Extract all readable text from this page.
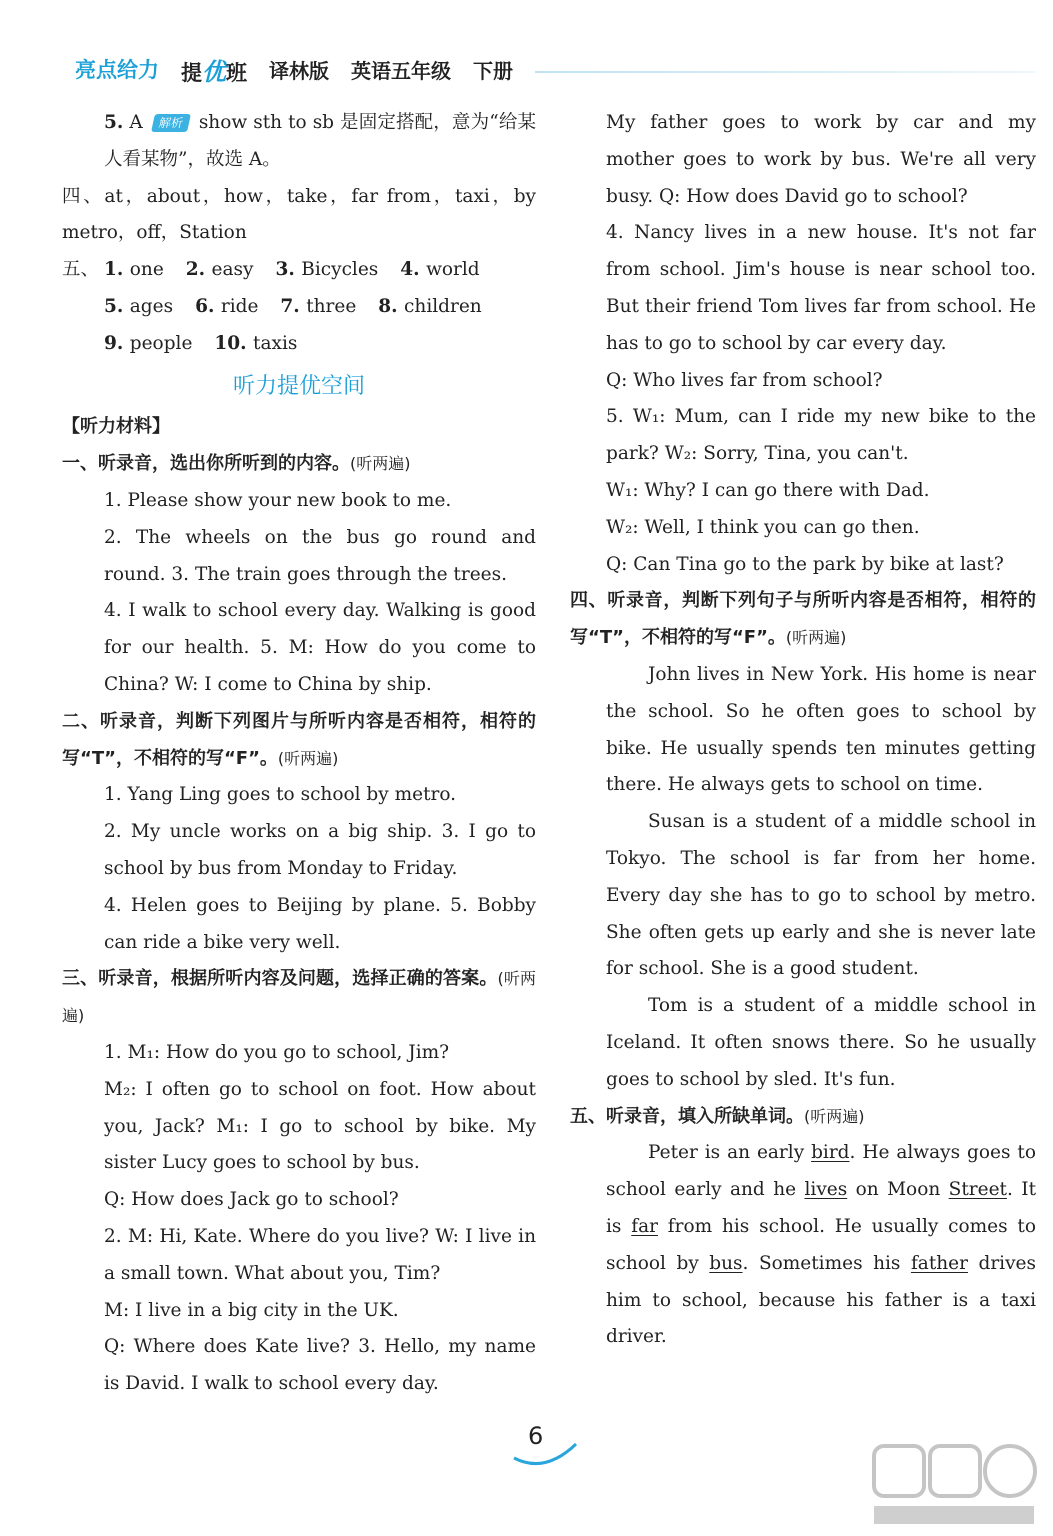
亮点给力 提优班 译林版 英语五年级 下册

5. A 解析 show sth to sb 是固定搭配，意为“给某人看某物”，故选 A。

四、at，about，how，take，far from，taxi，by metro，off，Station

五、 1. one 2. easy 3. Bicycles 4. world
5. ages 6. ride 7. three 8. children
9. people 10. taxis

听力提优空间

【听力材料】

一、听录音，选出你所听到的内容。(听两遍)

1. Please show your new book to me.

2. The wheels on the bus go round and round. 3. The train goes through the trees.

4. I walk to school every day. Walking is good for our health. 5. M: How do you come to China? W: I come to China by ship.

二、听录音，判断下列图片与所听内容是否相符，相符的写“T”，不相符的写“F”。(听两遍)

1. Yang Ling goes to school by metro.

2. My uncle works on a big ship. 3. I go to school by bus from Monday to Friday.

4. Helen goes to Beijing by plane. 5. Bobby can ride a bike very well.

三、听录音，根据所听内容及问题，选择正确的答案。(听两遍)

1. M₁: How do you go to school, Jim?

M₂: I often go to school on foot. How about you, Jack? M₁: I go to school by bike. My sister Lucy goes to school by bus.

Q: How does Jack go to school?

2. M: Hi, Kate. Where do you live? W: I live in a small town. What about you, Tim?

M: I live in a big city in the UK.

Q: Where does Kate live? 3. Hello, my name is David. I walk to school every day.

My father goes to work by car and my mother goes to work by bus. We're all very busy. Q: How does David go to school?

4. Nancy lives in a new house. It's not far from school. Jim's house is near school too. But their friend Tom lives far from school. He has to go to school by car every day.

Q: Who lives far from school?

5. W₁: Mum, can I ride my new bike to the park? W₂: Sorry, Tina, you can't.

W₁: Why? I can go there with Dad.

W₂: Well, I think you can go then.

Q: Can Tina go to the park by bike at last?

四、听录音，判断下列句子与所听内容是否相符，相符的写“T”，不相符的写“F”。(听两遍)

John lives in New York. His home is near the school. So he often goes to school by bike. He usually spends ten minutes getting there. He always gets to school on time.

Susan is a student of a middle school in Tokyo. The school is far from her home. Every day she has to go to school by metro. She often gets up early and she is never late for school. She is a good student.

Tom is a student of a middle school in Iceland. It often snows there. So he usually goes to school by sled. It's fun.

五、听录音，填入所缺单词。(听两遍)

Peter is an early bird. He always goes to school early and he lives on Moon Street. It is far from his school. He usually comes to school by bus. Sometimes his father drives him to school, because his father is a taxi driver.

6
